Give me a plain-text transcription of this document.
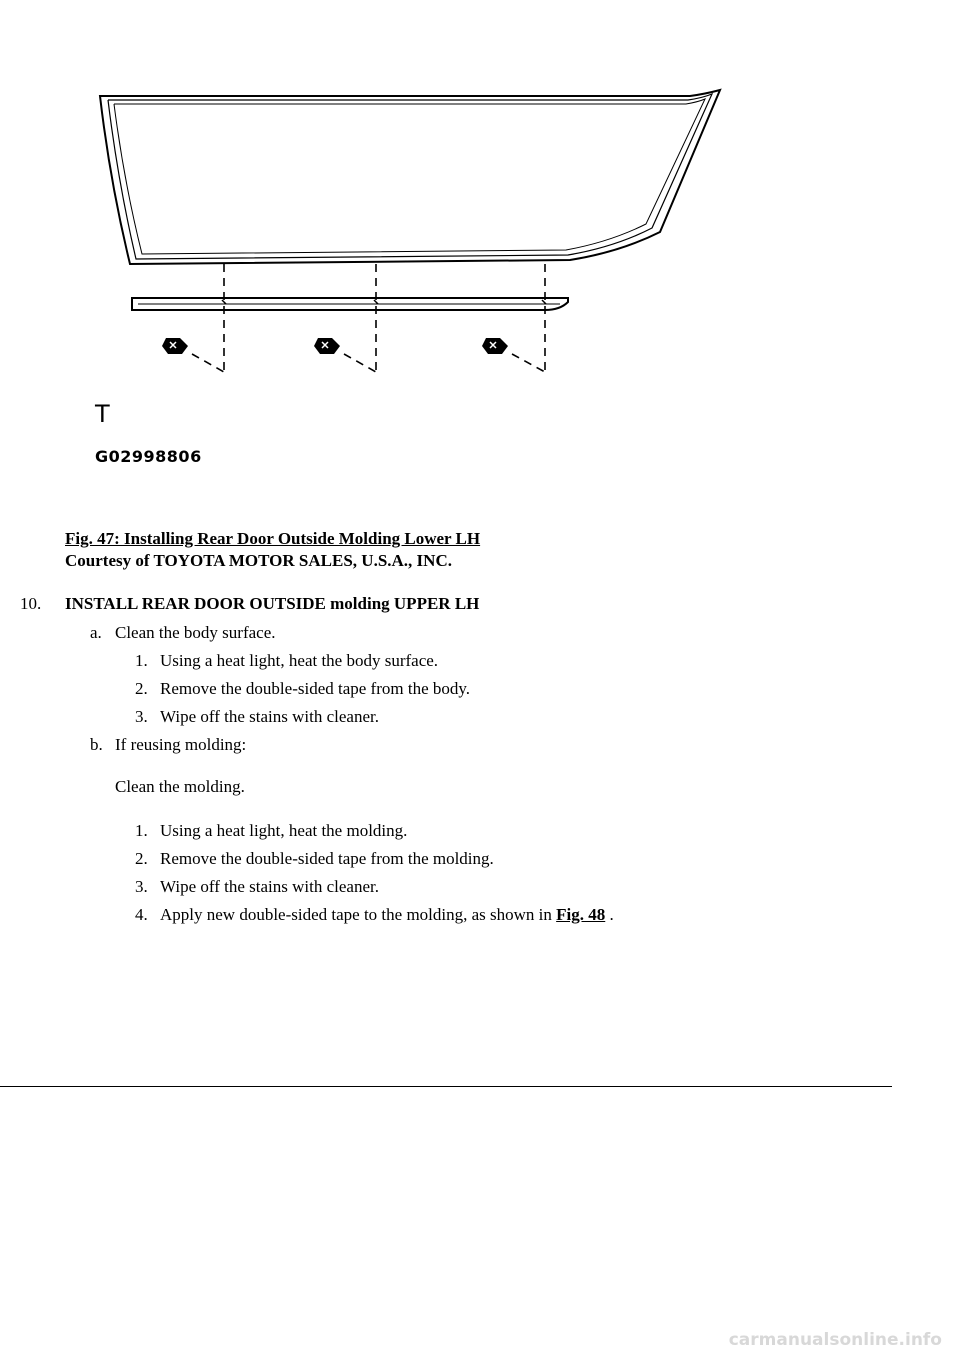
T
G02998806
Fig. 47: Installing Rear Door Outside Molding Lower LH
Courtesy of TOYOTA MOTOR SALES, U.S.A., INC.
10. INSTALL REAR DOOR OUTSIDE molding UPPER LH
a. Clean the body surface.
1. Using a heat light, heat the body surface.
2. Remove the double-sided tape from the body.
3. Wipe off the stains with cleaner.
b. If reusing molding:
Clean the molding.
1. Using a heat light, heat the molding.
2. Remove the double-sided tape from the molding.
3. Wipe off the stains with cleaner.
4. Apply new double-sided tape to the molding, as shown in Fig. 48 .
carmanualsonline.info
